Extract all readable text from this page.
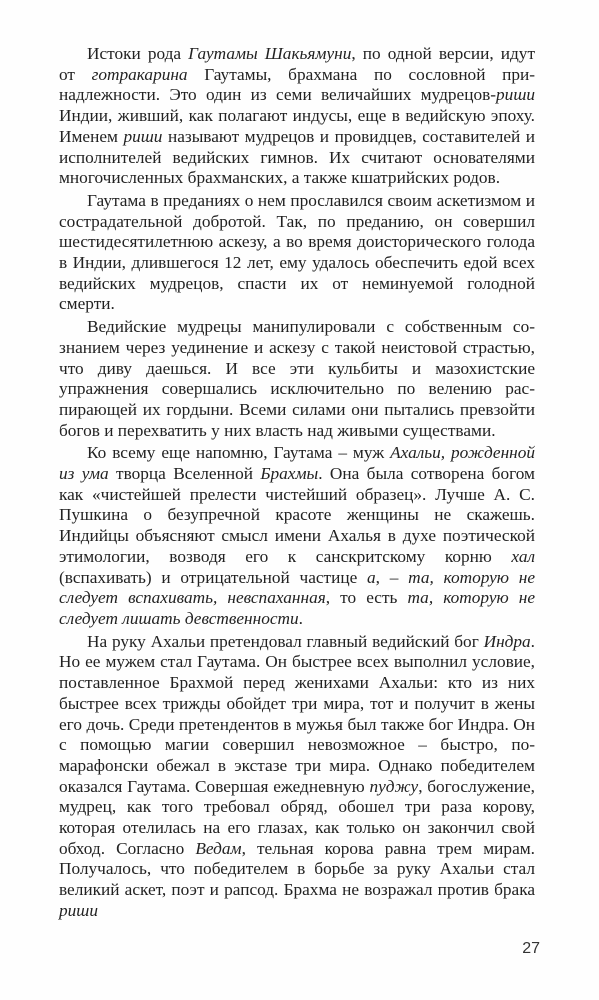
Истоки рода Гаутамы Шакьямуни, по одной версии, идут от готракарина Гаутамы, брахмана по сословной принадлежности. Это один из семи величайших мудрецов-риши Индии, живший, как полагают индусы, еще в ведийскую эпоху. Именем риши называют мудрецов и провидцев, составителей и исполнителей ведийских гимнов. Их считают основателями многочисленных брахманских, а также кшатрийских родов.

Гаутама в преданиях о нем прославился своим аскетизмом и сострадательной добротой. Так, по преданию, он совершил шестидесятилетнюю аскезу, а во время доисторического голода в Индии, длившегося 12 лет, ему удалось обеспечить едой всех ведийских мудрецов, спасти их от неминуемой голодной смерти.

Ведийские мудрецы манипулировали с собственным сознанием через уединение и аскезу с такой неистовой страстью, что диву даешься. И все эти кульбиты и мазохистские упражнения совершались исключительно по велению распирающей их гордыни. Всеми силами они пытались превзойти богов и перехватить у них власть над живыми существами.

Ко всему еще напомню, Гаутама – муж Ахальи, рожденной из ума творца Вселенной Брахмы. Она была сотворена богом как «чистейшей прелести чистейший образец». Лучше А. С. Пушкина о безупречной красоте женщины не скажешь. Индийцы объясняют смысл имени Ахалья в духе поэтической этимологии, возводя его к санскритскому корню хал (вспахивать) и отрицательной частице а, – та, которую не следует вспахивать, невспаханная, то есть та, которую не следует лишать девственности.

На руку Ахальи претендовал главный ведийский бог Индра. Но ее мужем стал Гаутама. Он быстрее всех выполнил условие, поставленное Брахмой перед женихами Ахальи: кто из них быстрее всех трижды обойдет три мира, тот и получит в жены его дочь. Среди претендентов в мужья был также бог Индра. Он с помощью магии совершил невозможное – быстро, по-марафонски обежал в экстазе три мира. Однако победителем оказался Гаутама. Совершая ежедневную пуджу, богослужение, мудрец, как того требовал обряд, обошел три раза корову, которая отелилась на его глазах, как только он закончил свой обход. Согласно Ведам, тельная корова равна трем мирам. Получалось, что победителем в борьбе за руку Ахальи стал великий аскет, поэт и рапсод. Брахма не возражал против брака риши

27
